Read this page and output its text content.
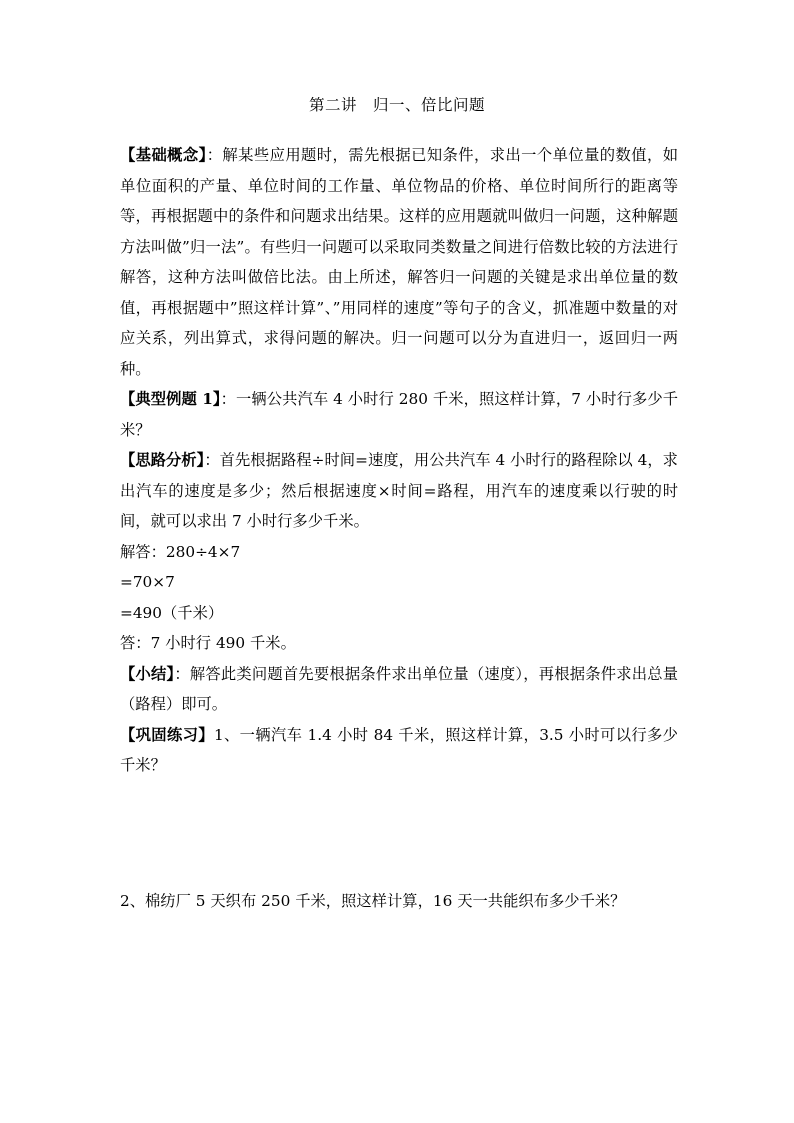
第二讲　归一、倍比问题

【基础概念】：解某些应用题时，需先根据已知条件，求出一个单位量的数值，如单位面积的产量、单位时间的工作量、单位物品的价格、单位时间所行的距离等等，再根据题中的条件和问题求出结果。这样的应用题就叫做归一问题，这种解题方法叫做”归一法”。有些归一问题可以采取同类数量之间进行倍数比较的方法进行解答，这种方法叫做倍比法。由上所述，解答归一问题的关键是求出单位量的数值，再根据题中”照这样计算”、”用同样的速度”等句子的含义，抓准题中数量的对应关系，列出算式，求得问题的解决。归一问题可以分为直进归一，返回归一两种。

【典型例题 1】：一辆公共汽车 4 小时行 280 千米，照这样计算，7 小时行多少千米？

【思路分析】：首先根据路程÷时间=速度，用公共汽车 4 小时行的路程除以 4，求出汽车的速度是多少；然后根据速度×时间=路程，用汽车的速度乘以行驶的时间，就可以求出 7 小时行多少千米。

解答：280÷4×7

=70×7

=490（千米）

答：7 小时行 490 千米。

【小结】：解答此类问题首先要根据条件求出单位量（速度），再根据条件求出总量（路程）即可。

【巩固练习】1、一辆汽车 1.4 小时 84 千米，照这样计算，3.5 小时可以行多少千米？

2、棉纺厂 5 天织布 250 千米，照这样计算，16 天一共能织布多少千米？
